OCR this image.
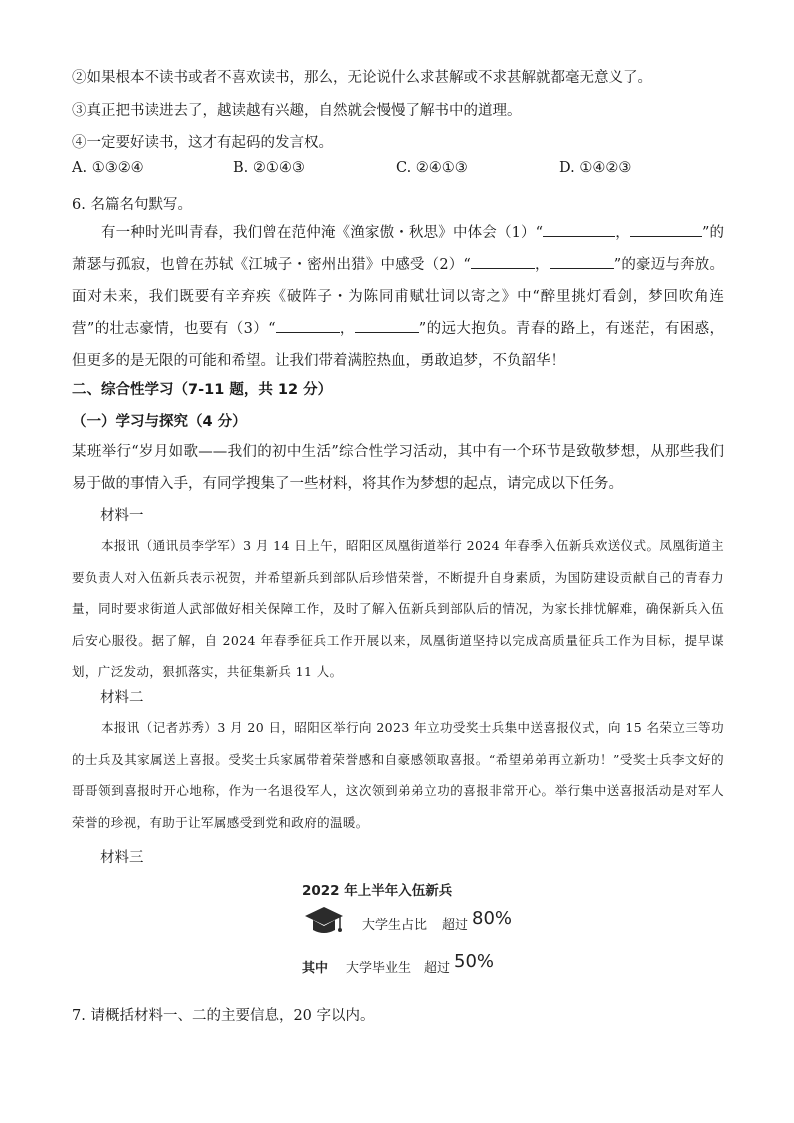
②如果根本不读书或者不喜欢读书，那么，无论说什么求甚解或不求甚解就都毫无意义了。
③真正把书读进去了，越读越有兴趣，自然就会慢慢了解书中的道理。
④一定要好读书，这才有起码的发言权。
A. ①③②④	B. ②①④③	C. ②④①③	D. ①④②③
6. 名篇名句默写。
有一种时光叫青春，我们曾在范仲淹《渔家傲・秋思》中体会（1）“	，	”的萧瑟与孤寂，也曾在苏轼《江城子・密州出猎》中感受（2）“	，	”的豪迈与奔放。面对未来，我们既要有辛弃疾《破阵子・为陈同甫赋壮词以寄之》中“醉里挑灯看剑，梦回吹角连营”的壮志豪情，也要有（3）“	，	”的远大抱负。青春的路上，有迷茫，有困惑，但更多的是无限的可能和希望。让我们带着满腔热血，勇敢追梦，不负韶华！
二、综合性学习（7-11 题，共 12 分）
（一）学习与探究（4 分）
某班举行“岁月如歌——我们的初中生活”综合性学习活动，其中有一个环节是致敬梦想，从那些我们易于做的事情入手，有同学搜集了一些材料，将其作为梦想的起点，请完成以下任务。
材料一
本报讯（通讯员李学军）3 月 14 日上午，昭阳区凤凰街道举行 2024 年春季入伍新兵欢送仪式。凤凰街道主要负责人对入伍新兵表示祝贺，并希望新兵到部队后珍惜荣誉，不断提升自身素质，为国防建设贡献自己的青春力量，同时要求街道人武部做好相关保障工作，及时了解入伍新兵到部队后的情况，为家长排忧解难，确保新兵入伍后安心服役。据了解，自 2024 年春季征兵工作开展以来，凤凰街道坚持以完成高质量征兵工作为目标，提早谋划，广泛发动，狠抓落实，共征集新兵 11 人。
材料二
本报讯（记者苏秀）3 月 20 日，昭阳区举行向 2023 年立功受奖士兵集中送喜报仪式，向 15 名荣立三等功的士兵及其家属送上喜报。受奖士兵家属带着荣誉感和自豪感领取喜报。“希望弟弟再立新功！”受奖士兵李文好的哥哥领到喜报时开心地称，作为一名退役军人，这次领到弟弟立功的喜报非常开心。举行集中送喜报活动是对军人荣誉的珍视，有助于让军属感受到党和政府的温暖。
材料三
2022 年上半年入伍新兵
大学生占比 超过 80%
其中 大学毕业生 超过 50%
7. 请概括材料一、二的主要信息，20 字以内。
